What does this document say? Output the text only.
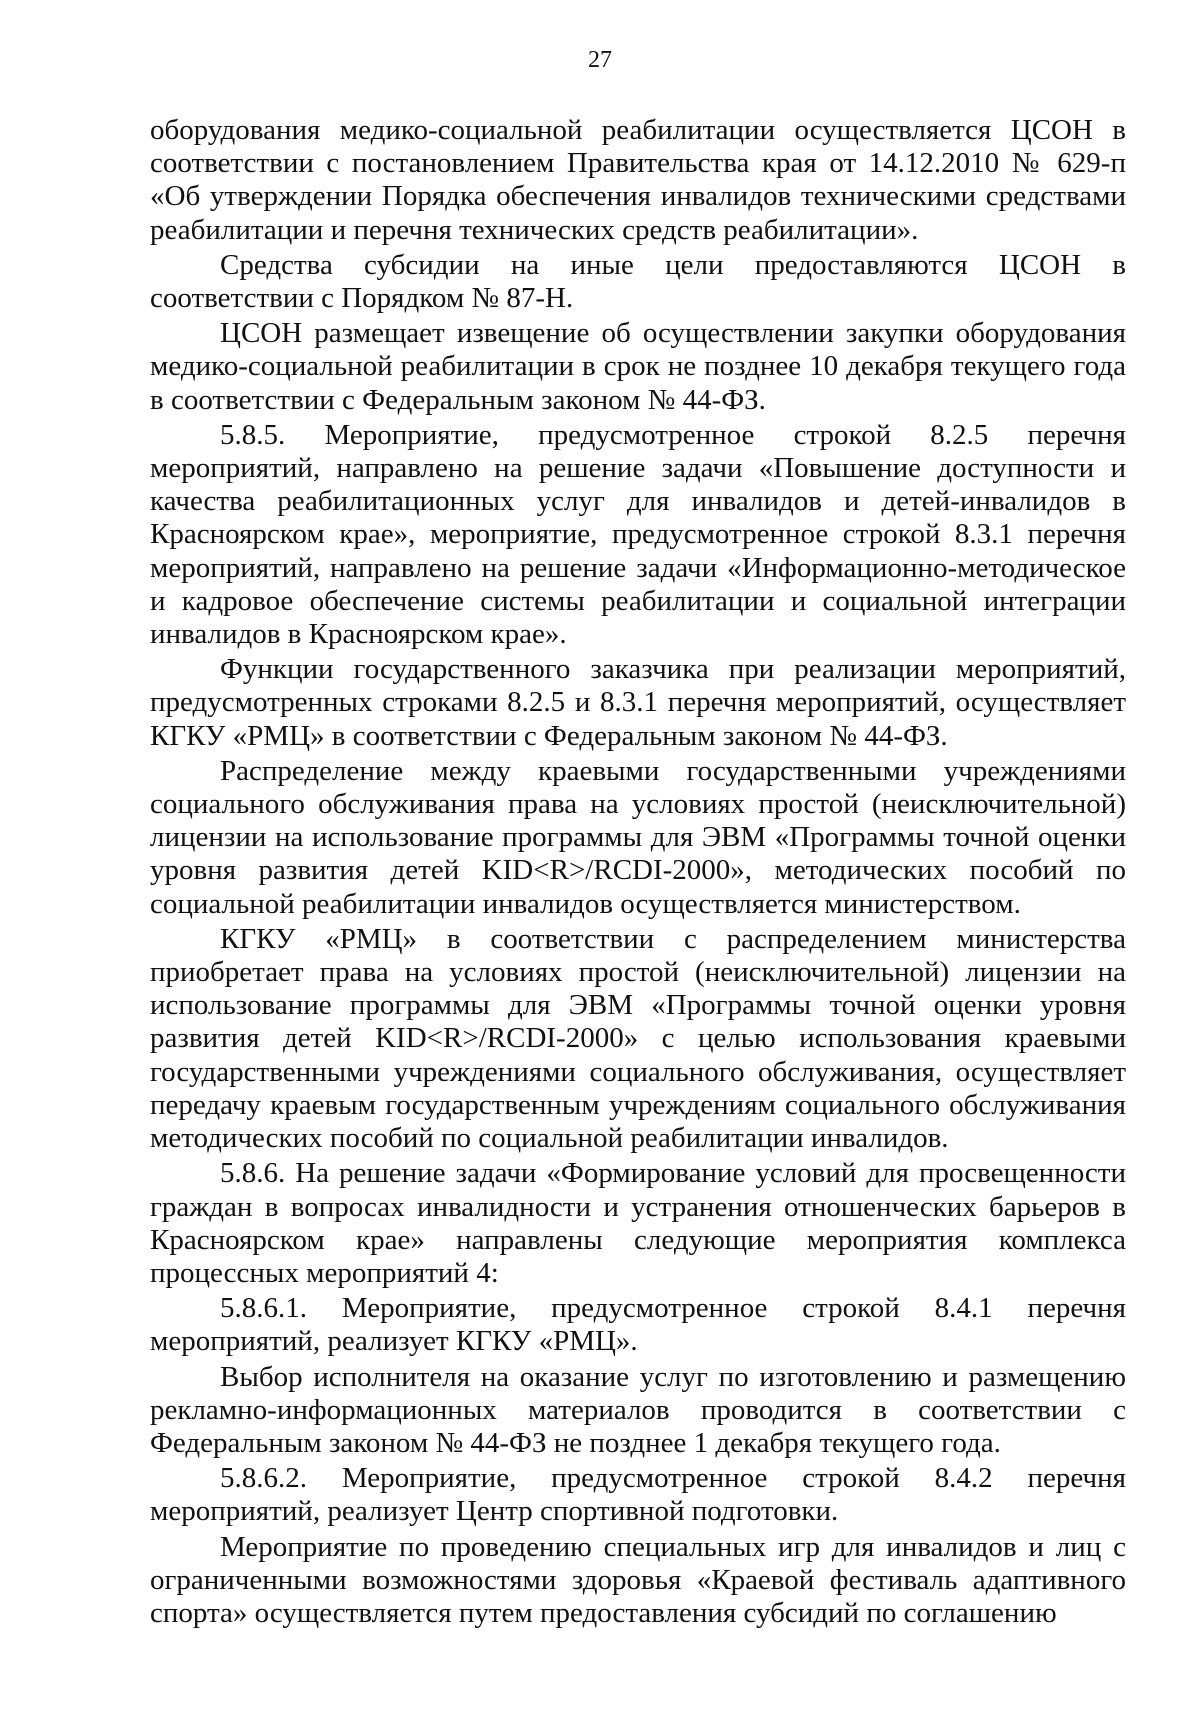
27

оборудования медико-социальной реабилитации осуществляется ЦСОН в соответствии с постановлением Правительства края от 14.12.2010 № 629-п «Об утверждении Порядка обеспечения инвалидов техническими средствами реабилитации и перечня технических средств реабилитации».

Средства субсидии на иные цели предоставляются ЦСОН в соответствии с Порядком № 87-Н.

ЦСОН размещает извещение об осуществлении закупки оборудования медико-социальной реабилитации в срок не позднее 10 декабря текущего года в соответствии с Федеральным законом № 44-ФЗ.

5.8.5. Мероприятие, предусмотренное строкой 8.2.5 перечня мероприятий, направлено на решение задачи «Повышение доступности и качества реабилитационных услуг для инвалидов и детей-инвалидов в Красноярском крае», мероприятие, предусмотренное строкой 8.3.1 перечня мероприятий, направлено на решение задачи «Информационно-методическое и кадровое обеспечение системы реабилитации и социальной интеграции инвалидов в Красноярском крае».

Функции государственного заказчика при реализации мероприятий, предусмотренных строками 8.2.5 и 8.3.1 перечня мероприятий, осуществляет КГКУ «РМЦ» в соответствии с Федеральным законом № 44-ФЗ.

Распределение между краевыми государственными учреждениями социального обслуживания права на условиях простой (неисключительной) лицензии на использование программы для ЭВМ «Программы точной оценки уровня развития детей KID<R>/RCDI-2000», методических пособий по социальной реабилитации инвалидов осуществляется министерством.

КГКУ «РМЦ» в соответствии с распределением министерства приобретает права на условиях простой (неисключительной) лицензии на использование программы для ЭВМ «Программы точной оценки уровня развития детей KID<R>/RCDI-2000» с целью использования краевыми государственными учреждениями социального обслуживания, осуществляет передачу краевым государственным учреждениям социального обслуживания методических пособий по социальной реабилитации инвалидов.

5.8.6. На решение задачи «Формирование условий для просвещенности граждан в вопросах инвалидности и устранения отношенческих барьеров в Красноярском крае» направлены следующие мероприятия комплекса процессных мероприятий 4:

5.8.6.1. Мероприятие, предусмотренное строкой 8.4.1 перечня мероприятий, реализует КГКУ «РМЦ».

Выбор исполнителя на оказание услуг по изготовлению и размещению рекламно-информационных материалов проводится в соответствии с Федеральным законом № 44-ФЗ не позднее 1 декабря текущего года.

5.8.6.2. Мероприятие, предусмотренное строкой 8.4.2 перечня мероприятий, реализует Центр спортивной подготовки.

Мероприятие по проведению специальных игр для инвалидов и лиц с ограниченными возможностями здоровья «Краевой фестиваль адаптивного спорта» осуществляется путем предоставления субсидий по соглашению
